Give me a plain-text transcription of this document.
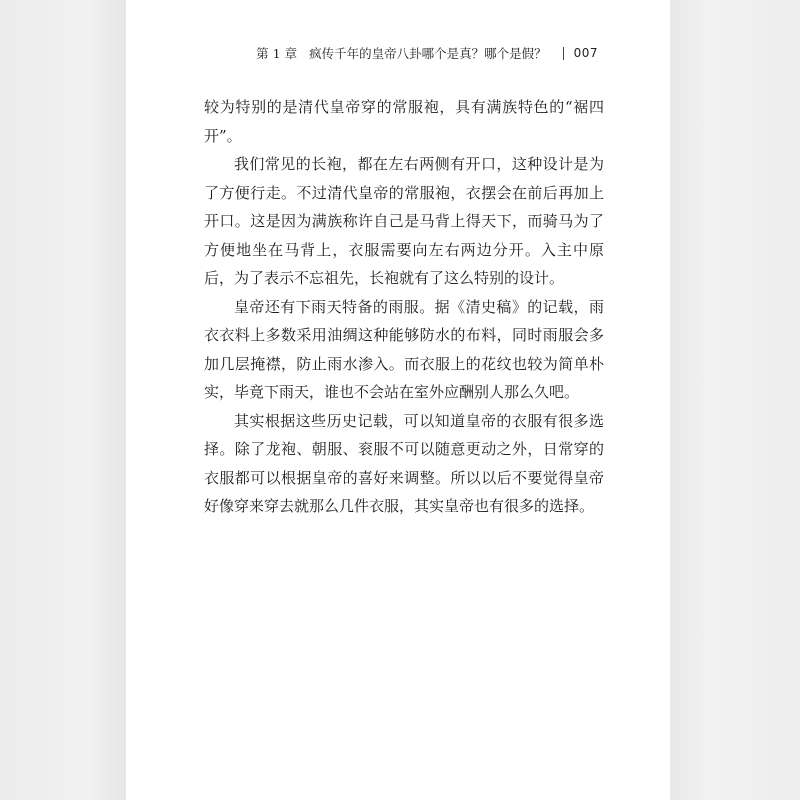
第 1 章 疯传千年的皇帝八卦哪个是真？哪个是假？ 007

较为特别的是清代皇帝穿的常服袍，具有满族特色的“裾四开”。

我们常见的长袍，都在左右两侧有开口，这种设计是为了方便行走。不过清代皇帝的常服袍，衣摆会在前后再加上开口。这是因为满族称许自己是马背上得天下，而骑马为了方便地坐在马背上，衣服需要向左右两边分开。入主中原后，为了表示不忘祖先，长袍就有了这么特别的设计。

皇帝还有下雨天特备的雨服。据《清史稿》的记载，雨衣衣料上多数采用油绸这种能够防水的布料，同时雨服会多加几层掩襟，防止雨水渗入。而衣服上的花纹也较为简单朴实，毕竟下雨天，谁也不会站在室外应酬别人那么久吧。

其实根据这些历史记载，可以知道皇帝的衣服有很多选择。除了龙袍、朝服、衮服不可以随意更动之外，日常穿的衣服都可以根据皇帝的喜好来调整。所以以后不要觉得皇帝好像穿来穿去就那么几件衣服，其实皇帝也有很多的选择。
